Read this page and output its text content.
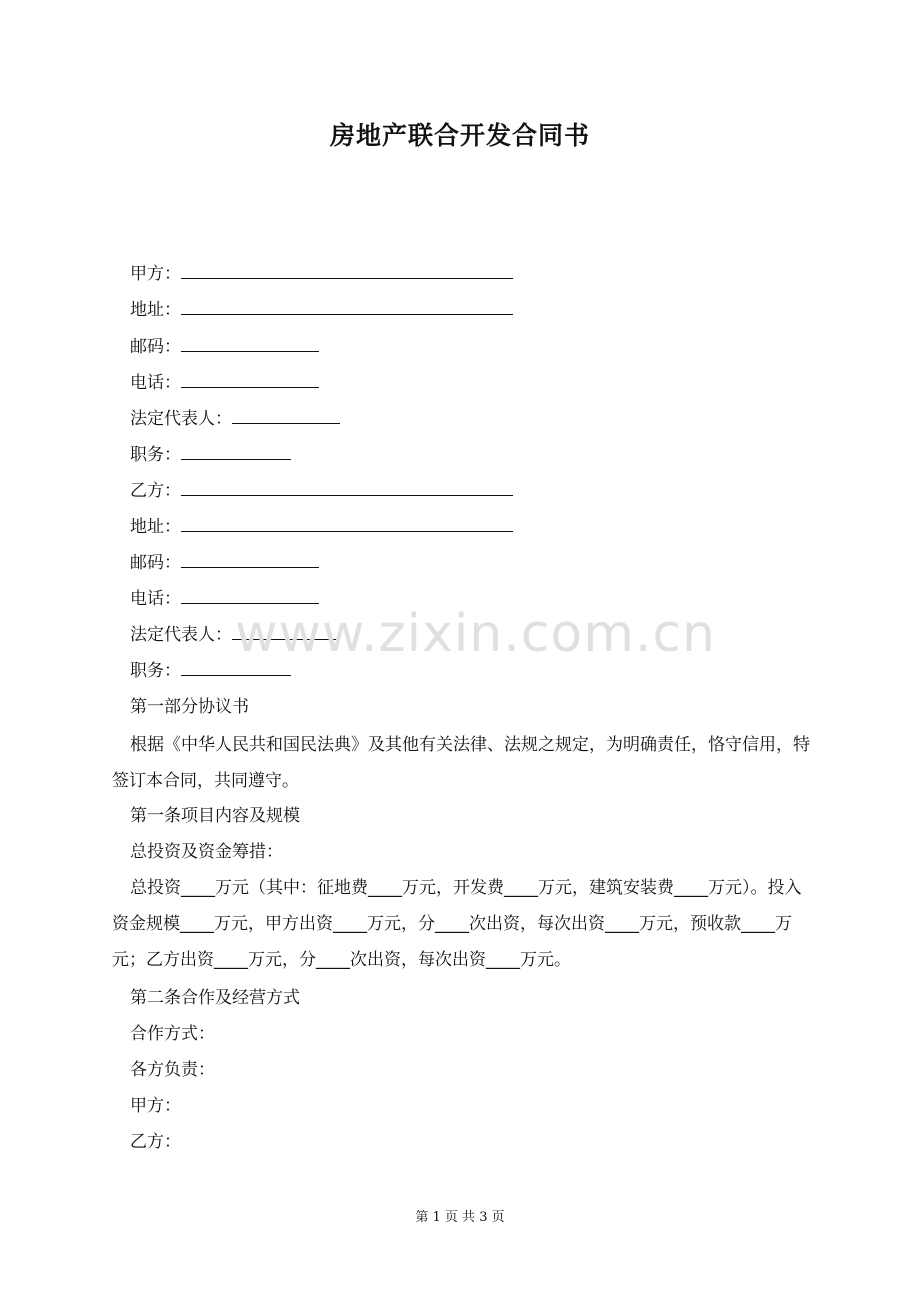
房地产联合开发合同书
甲方：
地址：
邮码：
电话：
法定代表人：
职务：
乙方：
地址：
邮码：
电话：
法定代表人：
职务：
第一部分协议书
根据《中华人民共和国民法典》及其他有关法律、法规之规定，为明确责任，恪守信用，特签订本合同，共同遵守。
第一条项目内容及规模
总投资及资金筹措：
总投资____万元（其中：征地费____万元，开发费____万元，建筑安装费____万元）。投入资金规模____万元，甲方出资____万元，分____次出资，每次出资____万元，预收款____万元；乙方出资____万元，分____次出资，每次出资____万元。
第二条合作及经营方式
合作方式：
各方负责：
甲方：
乙方：
www.zixin.com.cn
第 1 页 共 3 页
